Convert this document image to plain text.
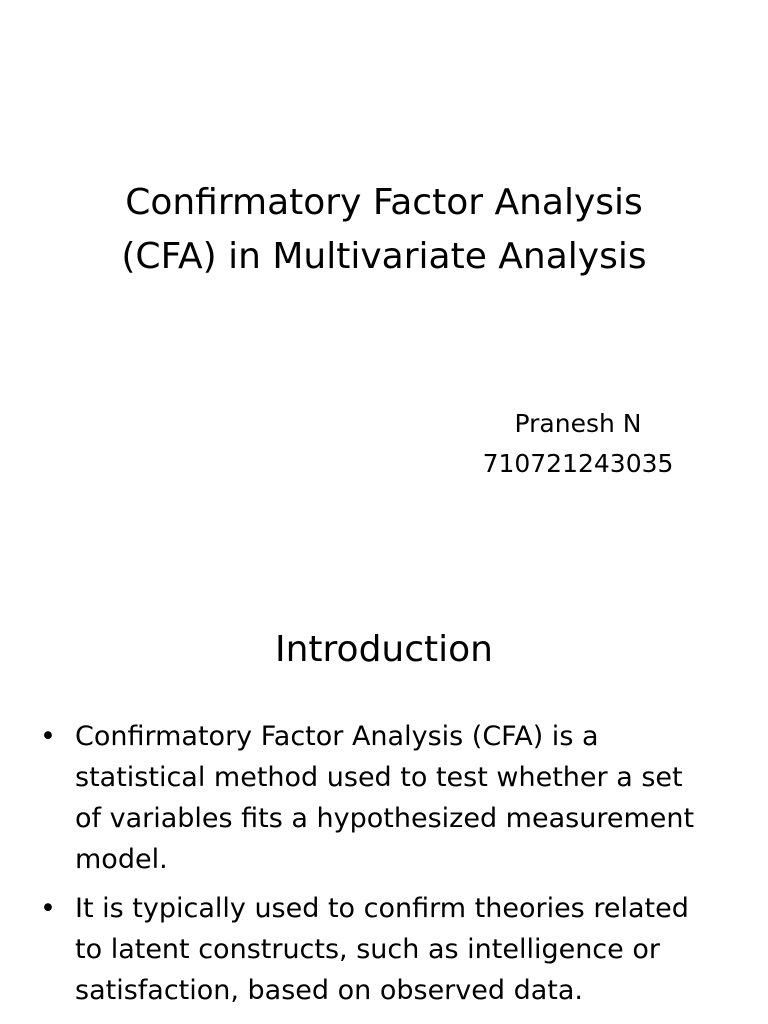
Confirmatory Factor Analysis
(CFA) in Multivariate Analysis
Pranesh N
710721243035
Introduction
• Confirmatory Factor Analysis (CFA) is a
statistical method used to test whether a set
of variables fits a hypothesized measurement
model.
• It is typically used to confirm theories related
to latent constructs, such as intelligence or
satisfaction, based on observed data.
